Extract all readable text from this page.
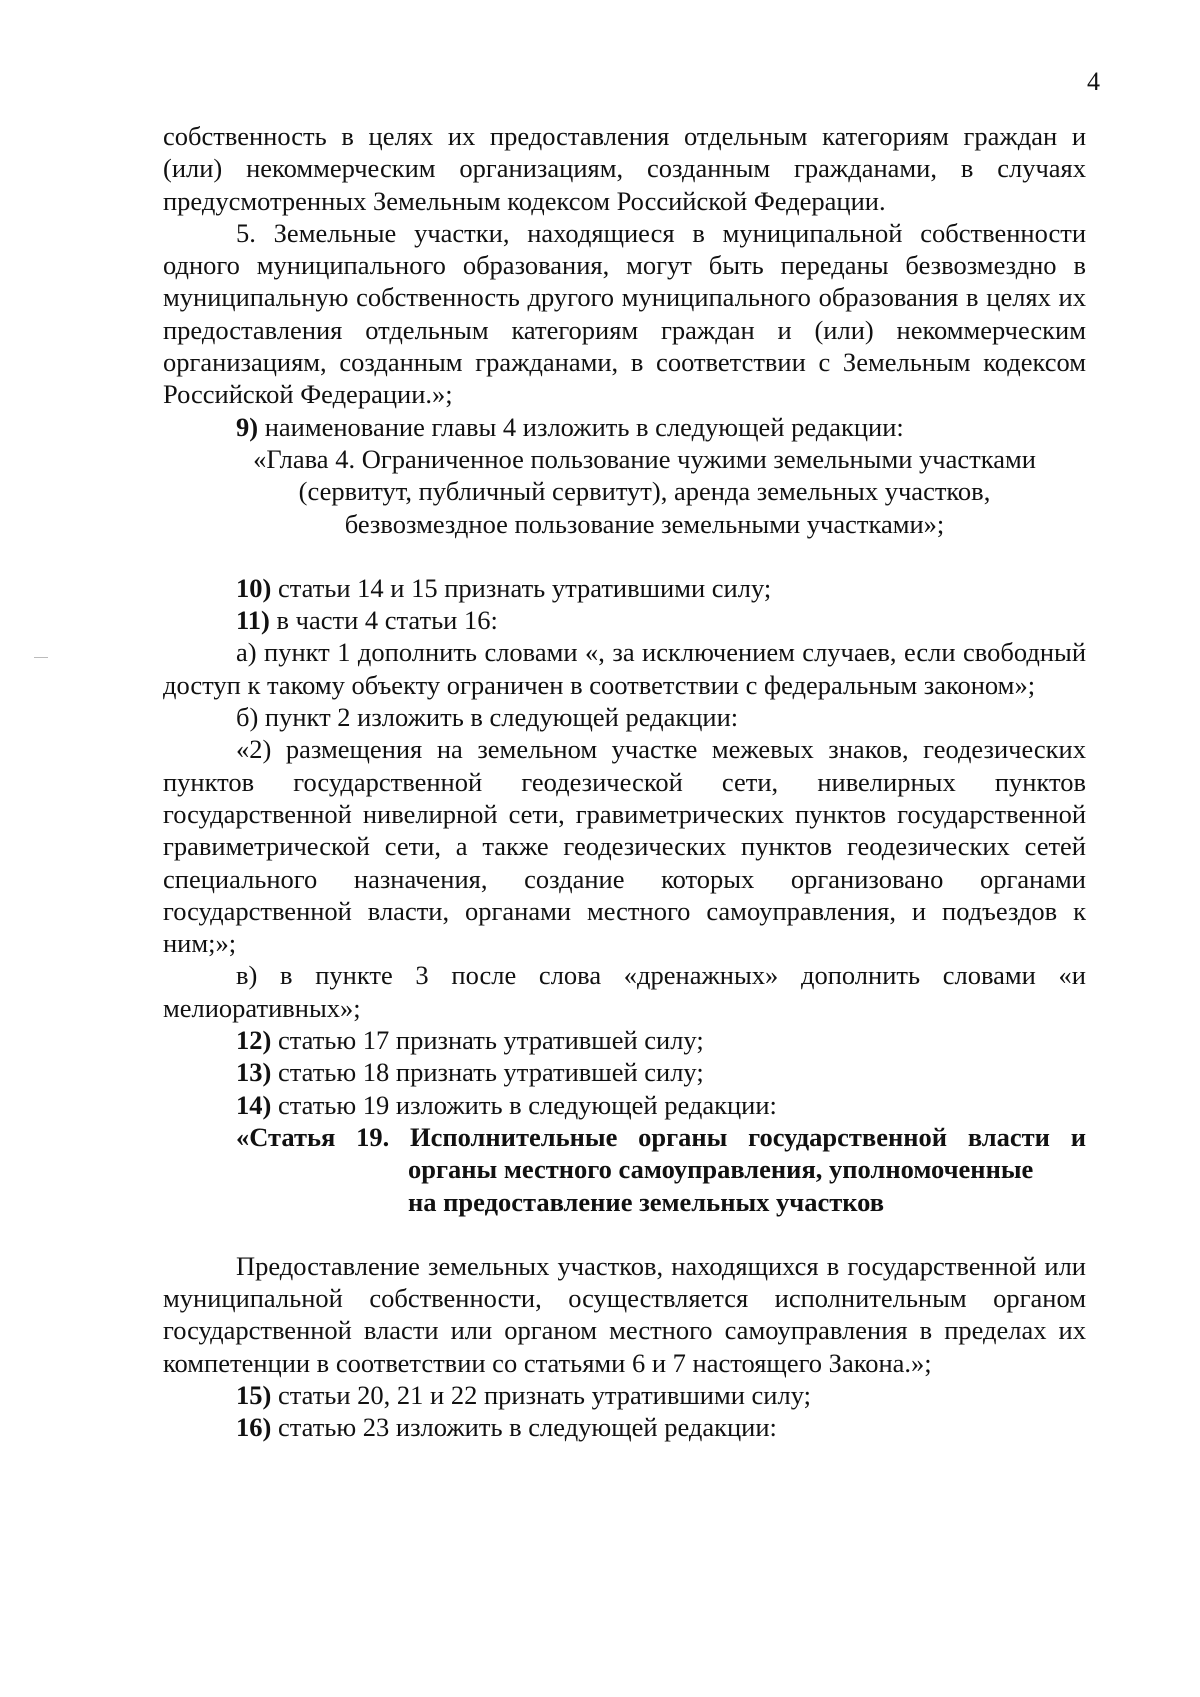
4

собственность в целях их предоставления отдельным категориям граждан и (или) некоммерческим организациям, созданным гражданами, в случаях предусмотренных Земельным кодексом Российской Федерации.

5. Земельные участки, находящиеся в муниципальной собственности одного муниципального образования, могут быть переданы безвозмездно в муниципальную собственность другого муниципального образования в целях их предоставления отдельным категориям граждан и (или) некоммерческим организациям, созданным гражданами, в соответствии с Земельным кодексом Российской Федерации.»;

9) наименование главы 4 изложить в следующей редакции:

«Глава 4. Ограниченное пользование чужими земельными участками

(сервитут, публичный сервитут), аренда земельных участков,

безвозмездное пользование земельными участками»;

10) статьи 14 и 15 признать утратившими силу;

11) в части 4 статьи 16:

а) пункт 1 дополнить словами «, за исключением случаев, если свободный доступ к такому объекту ограничен в соответствии с федеральным законом»;

б) пункт 2 изложить в следующей редакции:

«2) размещения на земельном участке межевых знаков, геодезических пунктов государственной геодезической сети, нивелирных пунктов государственной нивелирной сети, гравиметрических пунктов государственной гравиметрической сети, а также геодезических пунктов геодезических сетей специального назначения, создание которых организовано органами государственной власти, органами местного самоуправления, и подъездов к ним;»;

в) в пункте 3 после слова «дренажных» дополнить словами «и мелиоративных»;

12) статью 17 признать утратившей силу;

13) статью 18 признать утратившей силу;

14) статью 19 изложить в следующей редакции:

«Статья 19. Исполнительные органы государственной власти и
органы местного самоуправления, уполномоченные
на предоставление земельных участков

Предоставление земельных участков, находящихся в государственной или муниципальной собственности, осуществляется исполнительным органом государственной власти или органом местного самоуправления в пределах их компетенции в соответствии со статьями 6 и 7 настоящего Закона.»;

15) статьи 20, 21 и 22 признать утратившими силу;

16) статью 23 изложить в следующей редакции:
